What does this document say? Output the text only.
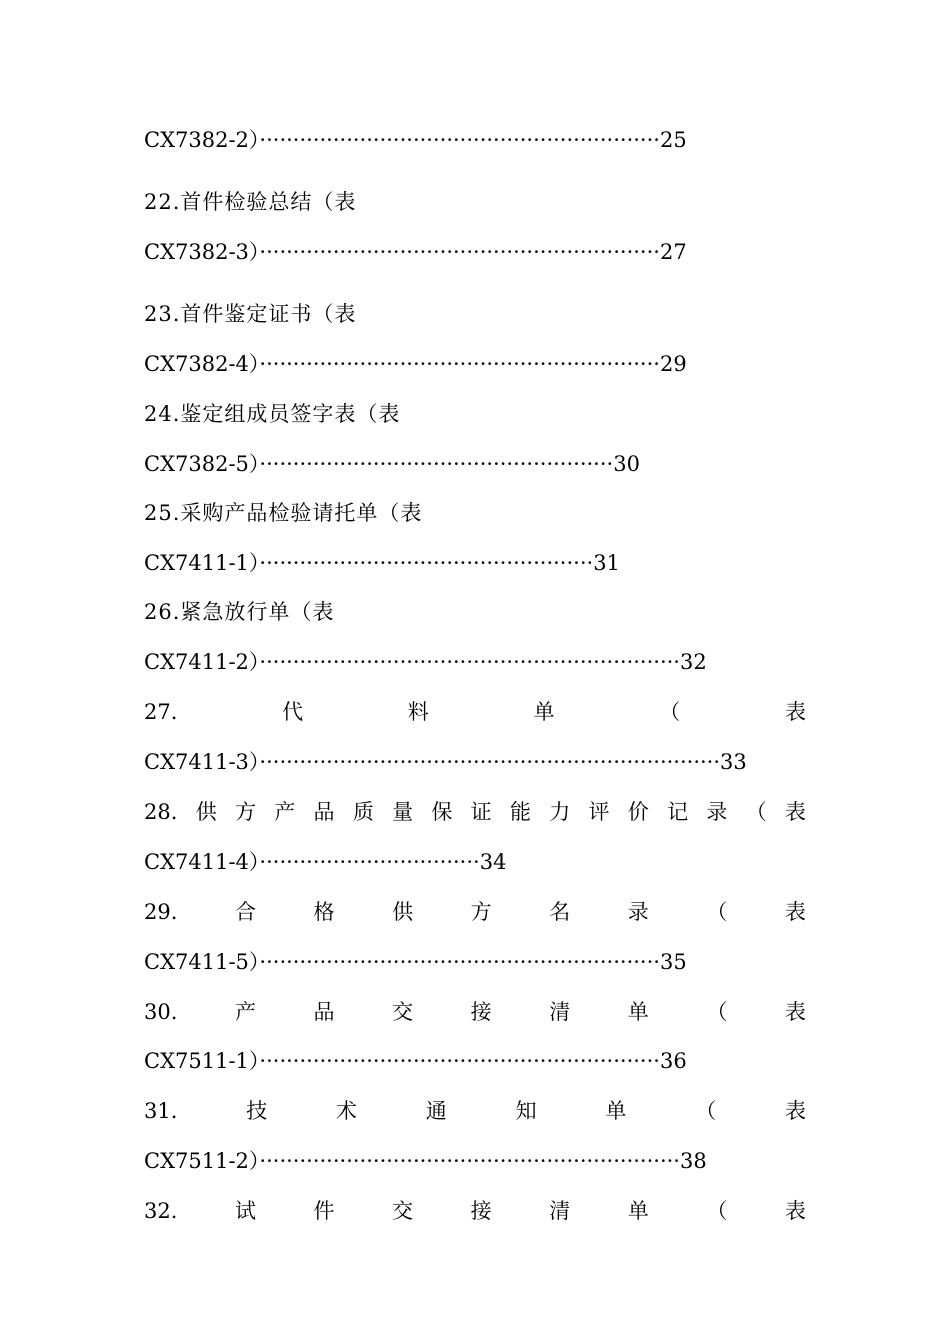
CX7382-2）····························································25
22.首件检验总结（表
CX7382-3）····························································27
23.首件鉴定证书（表
CX7382-4）····························································29
24.鉴定组成员签字表（表
CX7382-5）·····················································30
25.采购产品检验请托单（表
CX7411-1）··················································31
26.紧急放行单（表
CX7411-2）·······························································32
27.	代	料	单	（	表
CX7411-3）·····································································33
28. 供 方 产 品 质 量 保 证 能 力 评 价 记 录 （ 表
CX7411-4）·································34
29.	合	格	供	方	名	录	（	表
CX7411-5）····························································35
30.	产	品	交	接	清	单	（	表
CX7511-1）····························································36
31.	技	术	通	知	单	（	表
CX7511-2）·······························································38
32.	试	件	交	接	清	单	（	表
